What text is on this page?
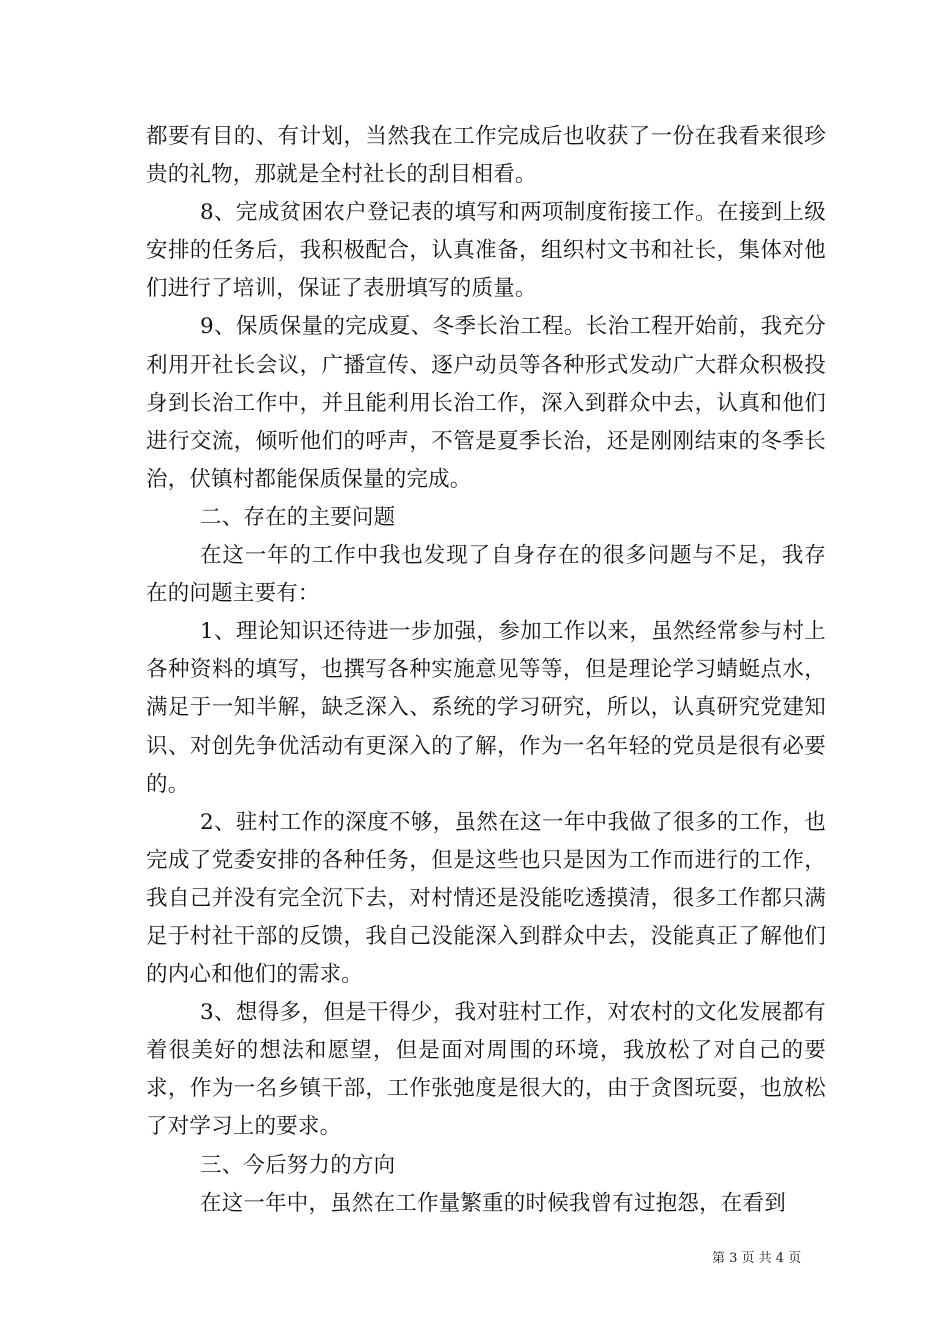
都要有目的、有计划，当然我在工作完成后也收获了一份在我看来很珍贵的礼物，那就是全村社长的刮目相看。

8、完成贫困农户登记表的填写和两项制度衔接工作。在接到上级安排的任务后，我积极配合，认真准备，组织村文书和社长，集体对他们进行了培训，保证了表册填写的质量。

9、保质保量的完成夏、冬季长治工程。长治工程开始前，我充分利用开社长会议，广播宣传、逐户动员等各种形式发动广大群众积极投身到长治工作中，并且能利用长治工作，深入到群众中去，认真和他们进行交流，倾听他们的呼声，不管是夏季长治，还是刚刚结束的冬季长治，伏镇村都能保质保量的完成。

二、存在的主要问题

在这一年的工作中我也发现了自身存在的很多问题与不足，我存在的问题主要有：

1、理论知识还待进一步加强，参加工作以来，虽然经常参与村上各种资料的填写，也撰写各种实施意见等等，但是理论学习蜻蜓点水，满足于一知半解，缺乏深入、系统的学习研究，所以，认真研究党建知识、对创先争优活动有更深入的了解，作为一名年轻的党员是很有必要的。

2、驻村工作的深度不够，虽然在这一年中我做了很多的工作，也完成了党委安排的各种任务，但是这些也只是因为工作而进行的工作，我自己并没有完全沉下去，对村情还是没能吃透摸清，很多工作都只满足于村社干部的反馈，我自己没能深入到群众中去，没能真正了解他们的内心和他们的需求。

3、想得多，但是干得少，我对驻村工作，对农村的文化发展都有着很美好的想法和愿望，但是面对周围的环境，我放松了对自己的要求，作为一名乡镇干部，工作张弛度是很大的，由于贪图玩耍，也放松了对学习上的要求。

三、今后努力的方向

在这一年中，虽然在工作量繁重的时候我曾有过抱怨，在看到

第 3 页 共 4 页
